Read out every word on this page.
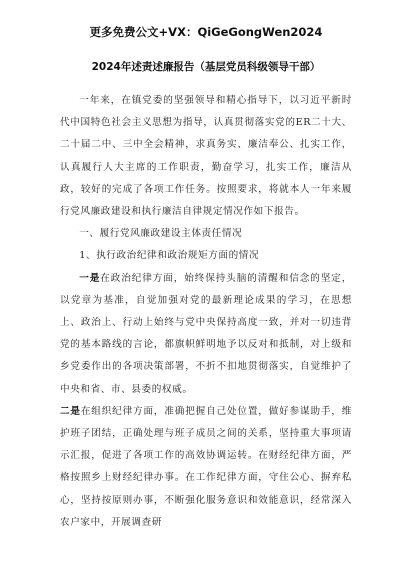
更多免费公文+VX：QiGeGongWen2024
2024年述责述廉报告（基层党员科级领导干部）

一年来，在镇党委的坚强领导和精心指导下，以习近平新时代中国特色社会主义思想为指导，认真贯彻落实党的ER二十大、二十届二中、三中全会精神，求真务实、廉洁奉公、扎实工作，认真履行人大主席的工作职责，勤奋学习，扎实工作，廉洁从政，较好的完成了各项工作任务。按照要求，将就本人一年来履行党风廉政建设和执行廉洁自律规定情况作如下报告。

一、履行党风廉政建设主体责任情况

1、执行政治纪律和政治规矩方面的情况

一是在政治纪律方面，始终保持头脑的清醒和信念的坚定，以党章为基准，自觉加强对党的最新理论成果的学习，在思想上、政治上、行动上始终与党中央保持高度一致，并对一切违背党的基本路线的言论，都旗帜鲜明地予以反对和抵制，对上级和乡党委作出的各项决策部署，不折不扣地贯彻落实，自觉维护了中央和省、市、县委的权威。

二是在组织纪律方面，准确把握自己处位置，做好参谋助手，维护班子团结，正确处理与班子成员之间的关系，坚持重大事项请示汇报，促进了各项工作的高效协调运转。在财经纪律方面，严格按照乡上财经纪律办事。在工作纪律方面，守住公心、摒弃私心，坚持按原则办事，不断强化服务意识和效能意识，经常深入农户家中，开展调查研
